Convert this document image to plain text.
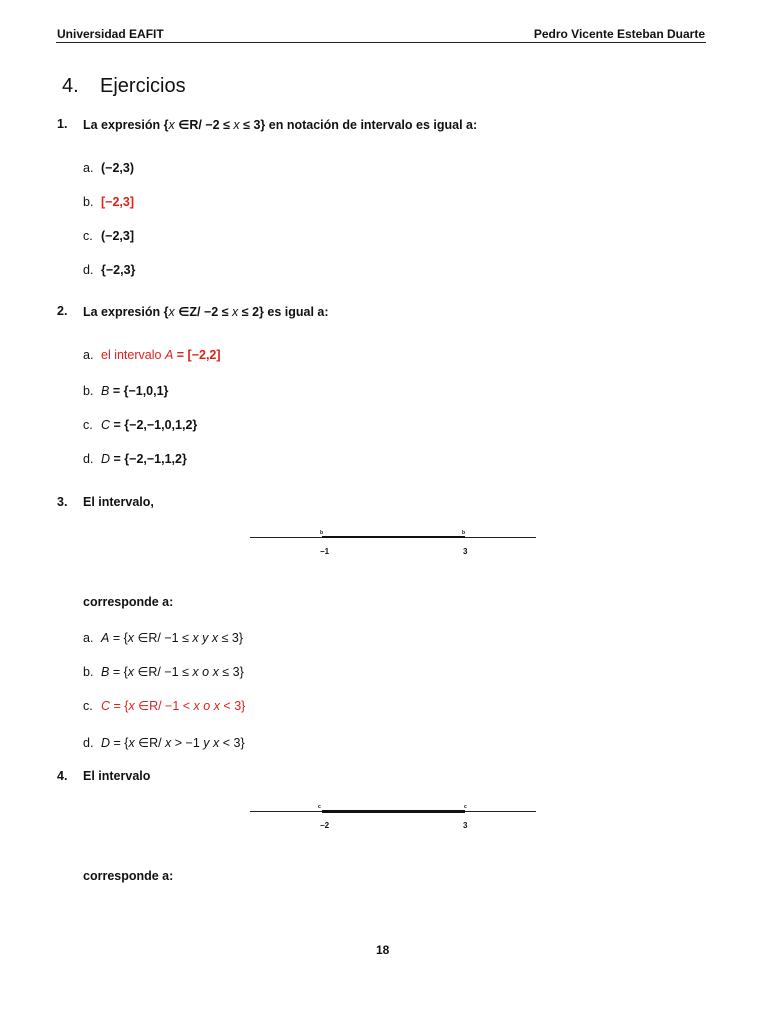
Universidad EAFIT	Pedro Vicente Esteban Duarte
4. Ejercicios
1. La expresión {x ∈R/ −2 ≤ x ≤ 3} en notación de intervalo es igual a:
a. (−2,3)
b. [−2,3]
c. (−2,3]
d. {−2,3}
2. La expresión {x ∈Z/ −2 ≤ x ≤ 2} es igual a:
a. el intervalo A = [−2,2]
b. B = {−1,0,1}
c. C = {−2,−1,0,1,2}
d. D = {−2,−1,1,2}
3. El intervalo,
b	b
−1	3
corresponde a:
a. A = {x ∈R/ −1 ≤ x y x ≤ 3}
b. B = {x ∈R/ −1 ≤ x o x ≤ 3}
c. C = {x ∈R/ −1 < x o x < 3}
d. D = {x ∈R/ x > −1 y x < 3}
4. El intervalo
c	c
−2	3
corresponde a:
18
